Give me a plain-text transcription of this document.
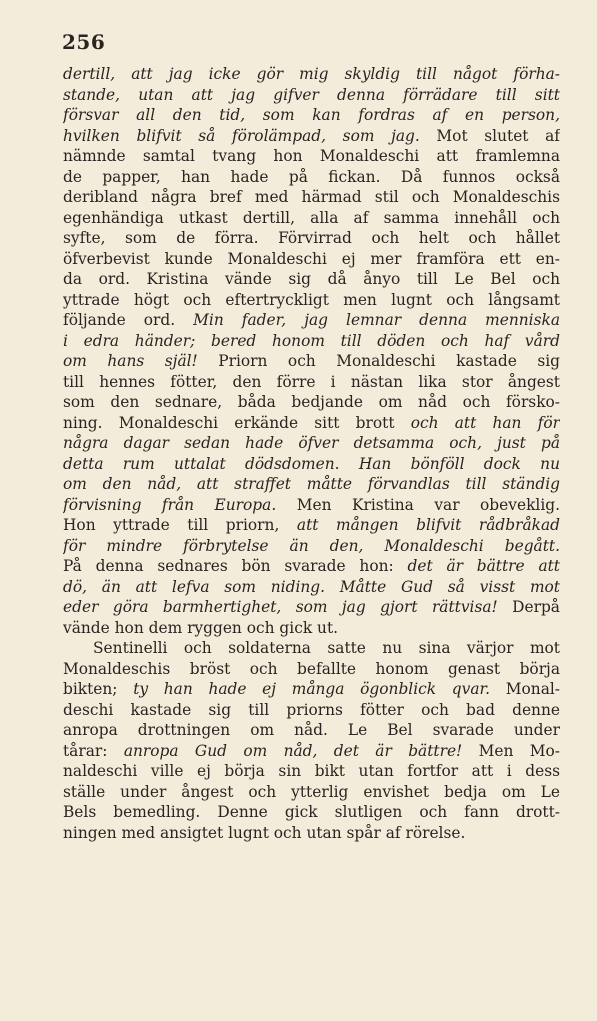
256
dertill, att jag icke gör mig skyldig till något förha-
stande, utan att jag gifver denna förrädare till sitt
försvar all den tid, som kan fordras af en person,
hvilken blifvit så förolämpad, som jag. Mot slutet af
nämnde samtal tvang hon Monaldeschi att framlemna
de papper, han hade på fickan. Då funnos också
deribland några bref med härmad stil och Monaldeschis
egenhändiga utkast dertill, alla af samma innehåll och
syfte, som de förra. Förvirrad och helt och hållet
öfverbevist kunde Monaldeschi ej mer framföra ett en-
da ord. Kristina vände sig då ånyo till Le Bel och
yttrade högt och eftertryckligt men lugnt och långsamt
följande ord. Min fader, jag lemnar denna menniska
i edra händer; bered honom till döden och haf vård
om hans själ! Priorn och Monaldeschi kastade sig
till hennes fötter, den förre i nästan lika stor ångest
som den sednare, båda bedjande om nåd och försko-
ning. Monaldeschi erkände sitt brott och att han för
några dagar sedan hade öfver detsamma och, just på
detta rum uttalat dödsdomen. Han bönföll dock nu
om den nåd, att straffet måtte förvandlas till ständig
förvisning från Europa. Men Kristina var obeveklig.
Hon yttrade till priorn, att mången blifvit rådbråkad
för mindre förbrytelse än den, Monaldeschi begått.
På denna sednares bön svarade hon: det är bättre att
dö, än att lefva som niding. Måtte Gud så visst mot
eder göra barmhertighet, som jag gjort rättvisa! Derpå
vände hon dem ryggen och gick ut.
Sentinelli och soldaterna satte nu sina värjor mot
Monaldeschis bröst och befallte honom genast börja
bikten; ty han hade ej många ögonblick qvar. Monal-
deschi kastade sig till priorns fötter och bad denne
anropa drottningen om nåd. Le Bel svarade under
tårar: anropa Gud om nåd, det är bättre! Men Mo-
naldeschi ville ej börja sin bikt utan fortfor att i dess
ställe under ångest och ytterlig envishet bedja om Le
Bels bemedling. Denne gick slutligen och fann drott-
ningen med ansigtet lugnt och utan spår af rörelse.
